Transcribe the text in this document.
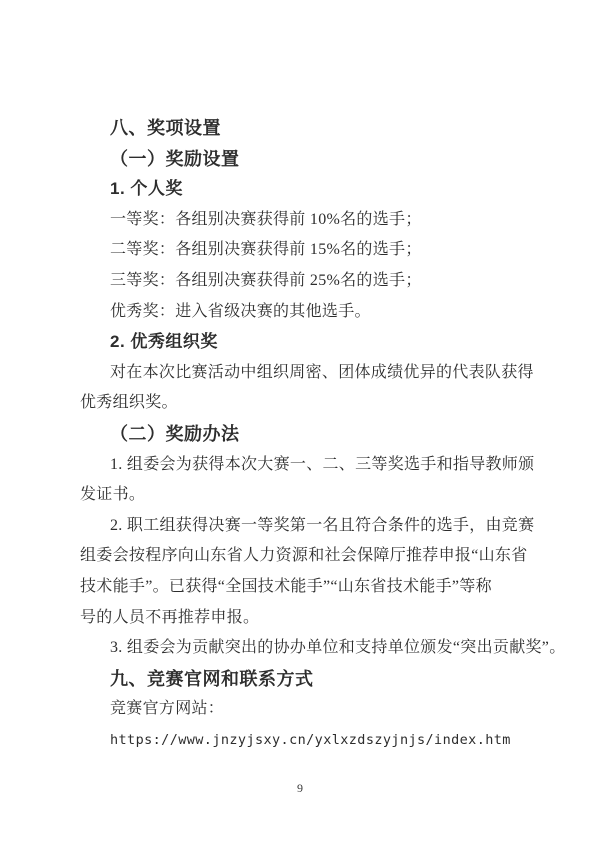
八、奖项设置

（一）奖励设置

1. 个人奖

一等奖：各组别决赛获得前 10%名的选手；

二等奖：各组别决赛获得前 15%名的选手；

三等奖：各组别决赛获得前 25%名的选手；

优秀奖：进入省级决赛的其他选手。

2. 优秀组织奖

对在本次比赛活动中组织周密、团体成绩优异的代表队获得

优秀组织奖。

（二）奖励办法

1. 组委会为获得本次大赛一、二、三等奖选手和指导教师颁

发证书。

2. 职工组获得决赛一等奖第一名且符合条件的选手，由竞赛

组委会按程序向山东省人力资源和社会保障厅推荐申报“山东省

技术能手”。已获得“全国技术能手”“山东省技术能手”等称

号的人员不再推荐申报。

3. 组委会为贡献突出的协办单位和支持单位颁发“突出贡献奖”。

九、竞赛官网和联系方式

竞赛官方网站：

https://www.jnzyjsxy.cn/yxlxzdszyjnjs/index.htm

9
